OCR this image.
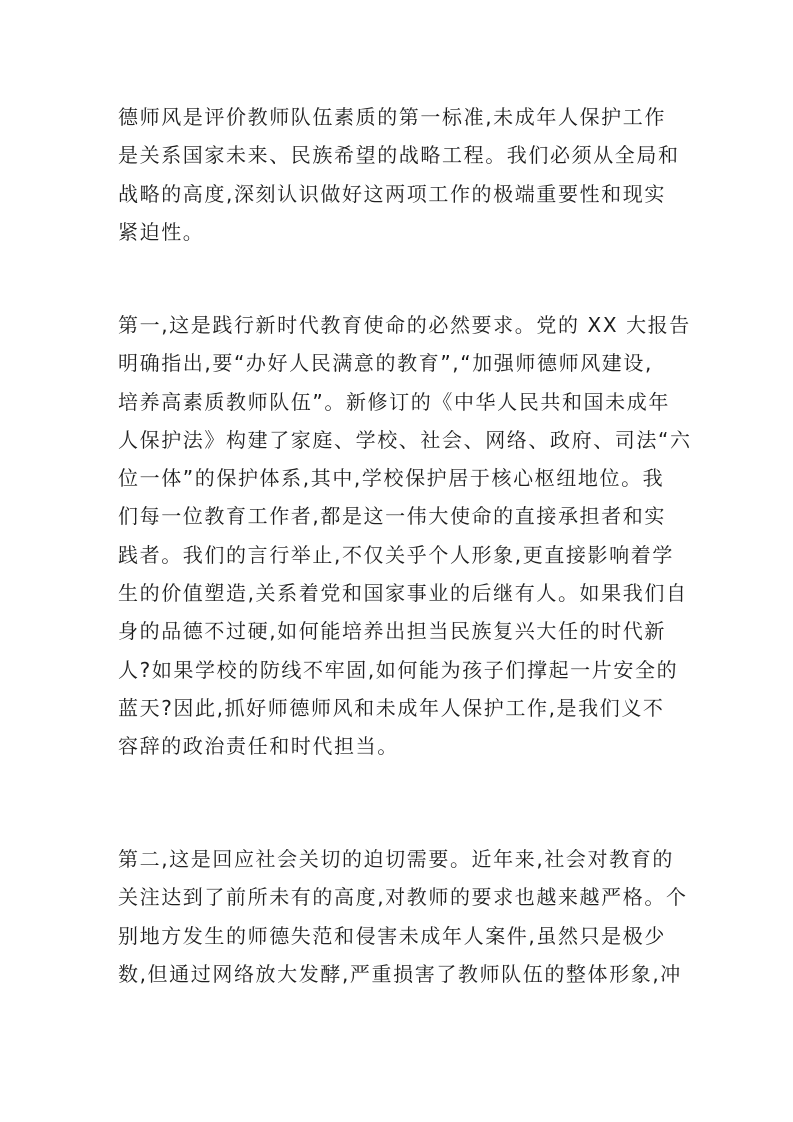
德师风是评价教师队伍素质的第一标准,未成年人保护工作
是关系国家未来、民族希望的战略工程。我们必须从全局和
战略的高度,深刻认识做好这两项工作的极端重要性和现实
紧迫性。
第一,这是践行新时代教育使命的必然要求。党的 XX 大报告
明确指出,要“办好人民满意的教育”,“加强师德师风建设,
培养高素质教师队伍”。新修订的《中华人民共和国未成年
人保护法》构建了家庭、学校、社会、网络、政府、司法“六
位一体”的保护体系,其中,学校保护居于核心枢纽地位。我
们每一位教育工作者,都是这一伟大使命的直接承担者和实
践者。我们的言行举止,不仅关乎个人形象,更直接影响着学
生的价值塑造,关系着党和国家事业的后继有人。如果我们自
身的品德不过硬,如何能培养出担当民族复兴大任的时代新
人?如果学校的防线不牢固,如何能为孩子们撑起一片安全的
蓝天?因此,抓好师德师风和未成年人保护工作,是我们义不
容辞的政治责任和时代担当。
第二,这是回应社会关切的迫切需要。近年来,社会对教育的
关注达到了前所未有的高度,对教师的要求也越来越严格。个
别地方发生的师德失范和侵害未成年人案件,虽然只是极少
数,但通过网络放大发酵,严重损害了教师队伍的整体形象,冲
